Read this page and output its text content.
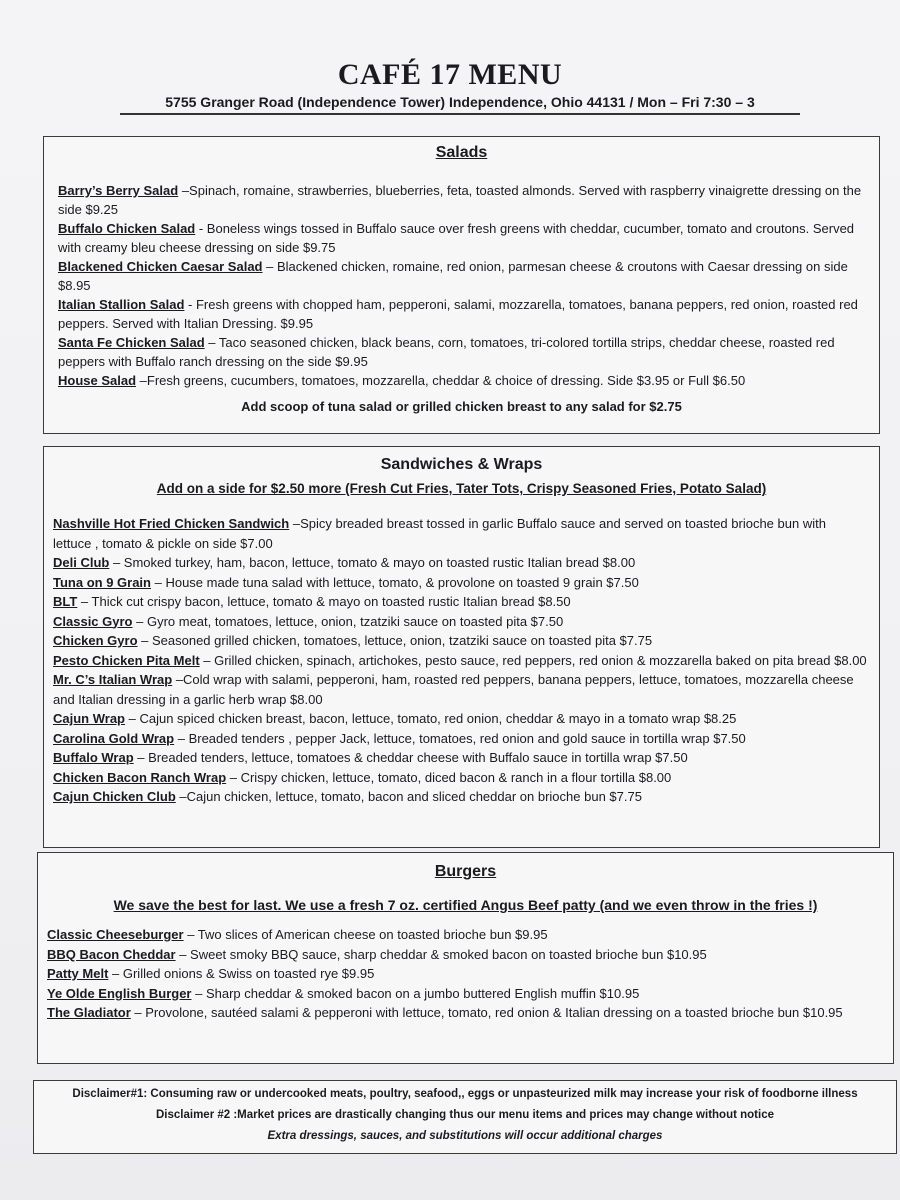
CAFÉ 17 MENU
5755 Granger Road (Independence Tower) Independence, Ohio 44131 / Mon – Fri 7:30 – 3
Salads

Barry’s Berry Salad –Spinach, romaine, strawberries, blueberries, feta, toasted almonds. Served with raspberry vinaigrette dressing on the side $9.25

Buffalo Chicken Salad - Boneless wings tossed in Buffalo sauce over fresh greens with cheddar, cucumber, tomato and croutons. Served with creamy bleu cheese dressing on side $9.75

Blackened Chicken Caesar Salad – Blackened chicken, romaine, red onion, parmesan cheese & croutons with Caesar dressing on side $8.95

Italian Stallion Salad - Fresh greens with chopped ham, pepperoni, salami, mozzarella, tomatoes, banana peppers, red onion, roasted red peppers. Served with Italian Dressing. $9.95

Santa Fe Chicken Salad – Taco seasoned chicken, black beans, corn, tomatoes, tri-colored tortilla strips, cheddar cheese, roasted red peppers with Buffalo ranch dressing on the side $9.95

House Salad –Fresh greens, cucumbers, tomatoes, mozzarella, cheddar & choice of dressing. Side $3.95 or Full $6.50

Add scoop of tuna salad or grilled chicken breast to any salad for $2.75
Sandwiches & Wraps
Add on a side for $2.50 more (Fresh Cut Fries, Tater Tots, Crispy Seasoned Fries, Potato Salad)

Nashville Hot Fried Chicken Sandwich –Spicy breaded breast tossed in garlic Buffalo sauce and served on toasted brioche bun with lettuce , tomato & pickle on side $7.00

Deli Club – Smoked turkey, ham, bacon, lettuce, tomato & mayo on toasted rustic Italian bread $8.00

Tuna on 9 Grain – House made tuna salad with lettuce, tomato, & provolone on toasted 9 grain $7.50

BLT – Thick cut crispy bacon, lettuce, tomato & mayo on toasted rustic Italian bread $8.50

Classic Gyro – Gyro meat, tomatoes, lettuce, onion, tzatziki sauce on toasted pita $7.50

Chicken Gyro – Seasoned grilled chicken, tomatoes, lettuce, onion, tzatziki sauce on toasted pita $7.75

Pesto Chicken Pita Melt – Grilled chicken, spinach, artichokes, pesto sauce, red peppers, red onion & mozzarella baked on pita bread $8.00

Mr. C’s Italian Wrap –Cold wrap with salami, pepperoni, ham, roasted red peppers, banana peppers, lettuce, tomatoes, mozzarella cheese and Italian dressing in a garlic herb wrap $8.00

Cajun Wrap – Cajun spiced chicken breast, bacon, lettuce, tomato, red onion, cheddar & mayo in a tomato wrap $8.25

Carolina Gold Wrap – Breaded tenders , pepper Jack, lettuce, tomatoes, red onion and gold sauce in tortilla wrap $7.50

Buffalo Wrap – Breaded tenders, lettuce, tomatoes & cheddar cheese with Buffalo sauce in tortilla wrap $7.50

Chicken Bacon Ranch Wrap – Crispy chicken, lettuce, tomato, diced bacon & ranch in a flour tortilla $8.00

Cajun Chicken Club –Cajun chicken, lettuce, tomato, bacon and sliced cheddar on brioche bun $7.75

Burgers
We save the best for last. We use a fresh 7 oz. certified Angus Beef patty (and we even throw in the fries !)

Classic Cheeseburger – Two slices of American cheese on toasted brioche bun $9.95

BBQ Bacon Cheddar – Sweet smoky BBQ sauce, sharp cheddar & smoked bacon on toasted brioche bun $10.95

Patty Melt – Grilled onions & Swiss on toasted rye $9.95

Ye Olde English Burger – Sharp cheddar & smoked bacon on a jumbo buttered English muffin $10.95

The Gladiator – Provolone, sautéed salami & pepperoni with lettuce, tomato, red onion & Italian dressing on a toasted brioche bun $10.95

Disclaimer#1: Consuming raw or undercooked meats, poultry, seafood,, eggs or unpasteurized milk may increase your risk of foodborne illness
Disclaimer #2 :Market prices are drastically changing thus our menu items and prices may change without notice
Extra dressings, sauces, and substitutions will occur additional charges
